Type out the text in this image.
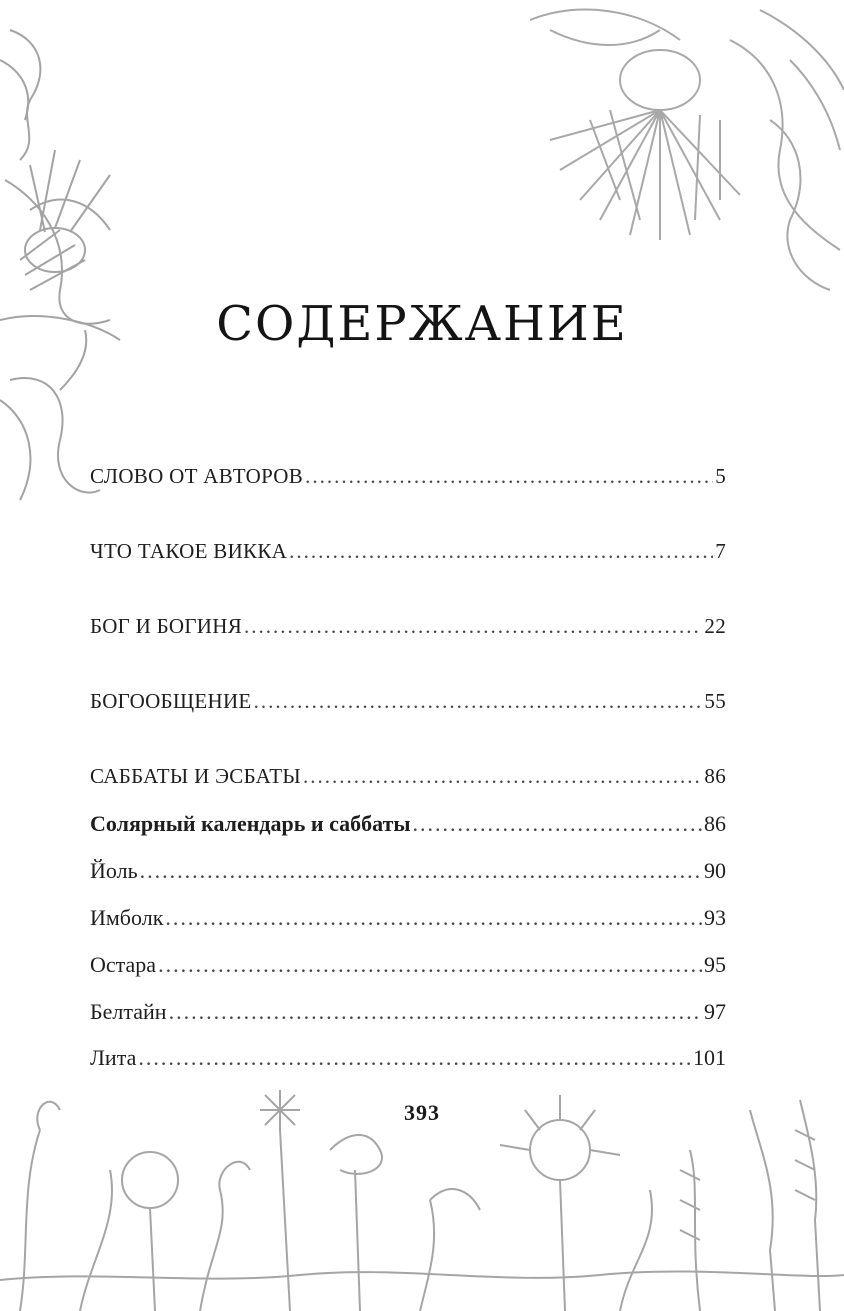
СОДЕРЖАНИЕ
СЛОВО ОТ АВТОРОВ .....	5
ЧТО ТАКОЕ ВИККА .....	7
БОГ И БОГИНЯ .....	22
БОГООБЩЕНИЕ .....	55
САББАТЫ И ЭСБАТЫ .....	86
Солярный календарь и саббаты .....	86
Йоль .....	90
Имболк .....	93
Остара .....	95
Белтайн .....	97
Лита .....	101
393
